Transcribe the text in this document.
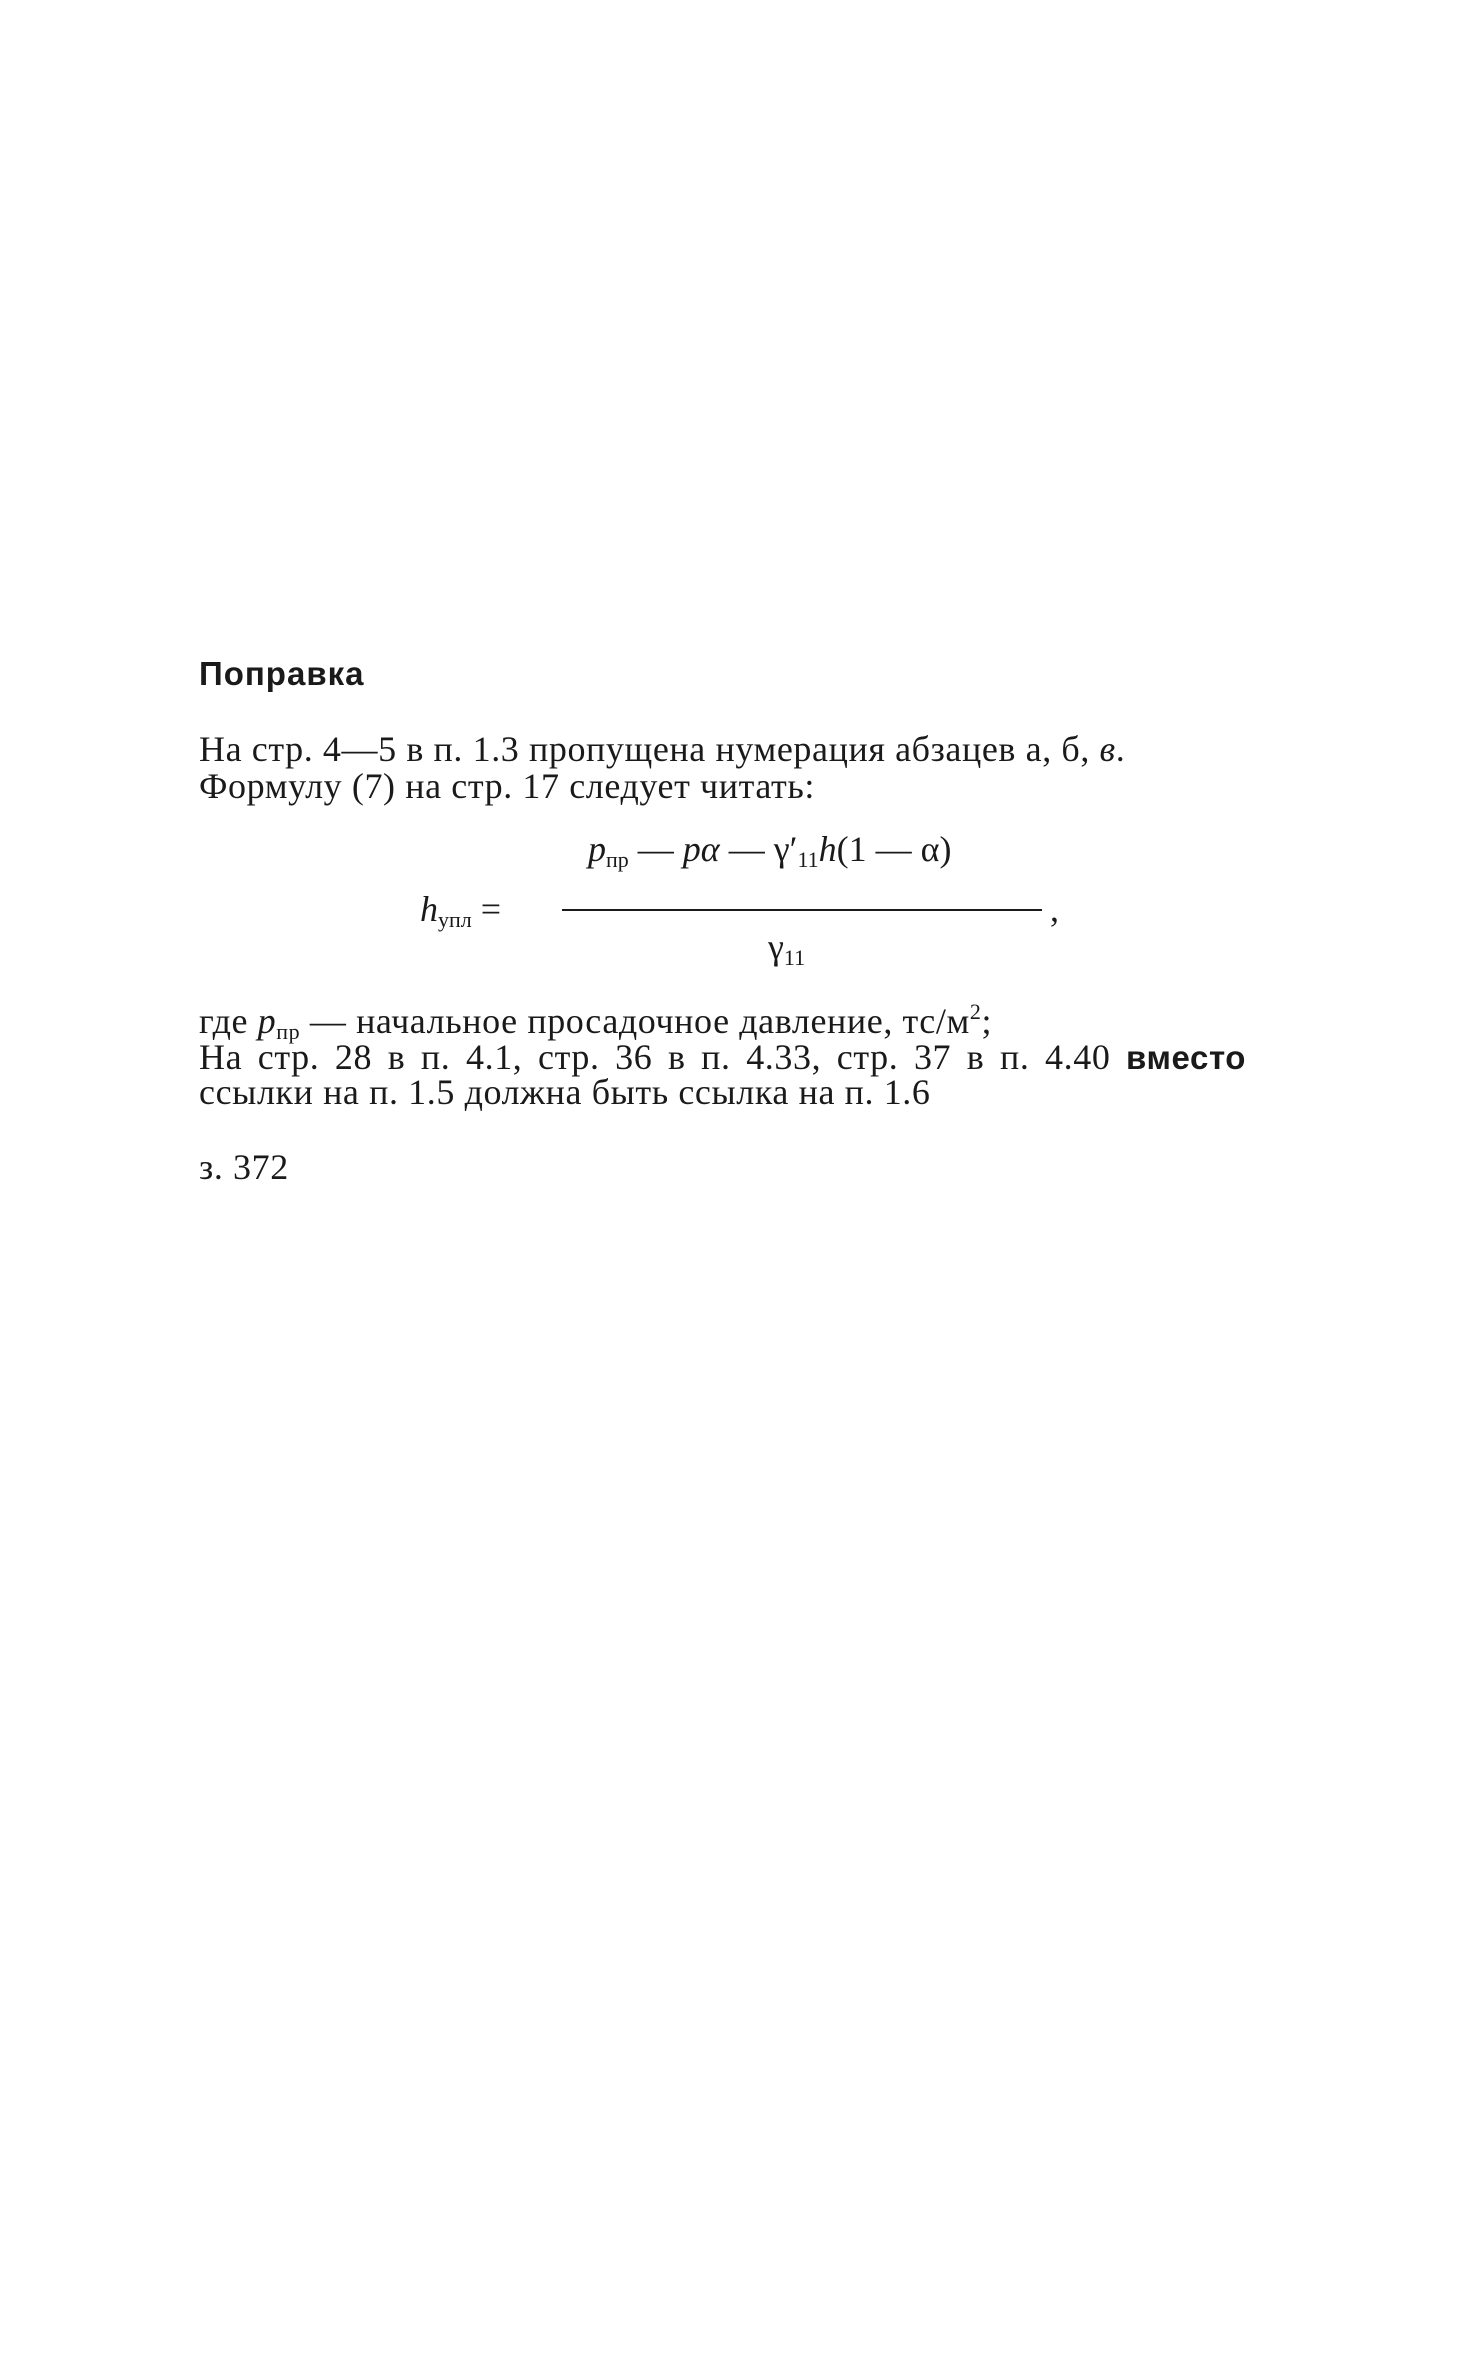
Поправка
На стр. 4—5 в п. 1.3 пропущена нумерация абзацев а, б, в.
Формулу (7) на стр. 17 следует читать:
$h_{упл}$ =
$p_{пр}$ — pα — $\gamma'_{11}h(1$ — α)
,
$\gamma_{11}$
где $p_{пр}$ — начальное просадочное давление, $тс/м^2$;
На стр. 28 в п. 4.1, стр. 36 в п. 4.33, стр. 37 в п. 4.40 вместо
ссылки на п. 1.5 должна быть ссылка на п. 1.6
з. 372
